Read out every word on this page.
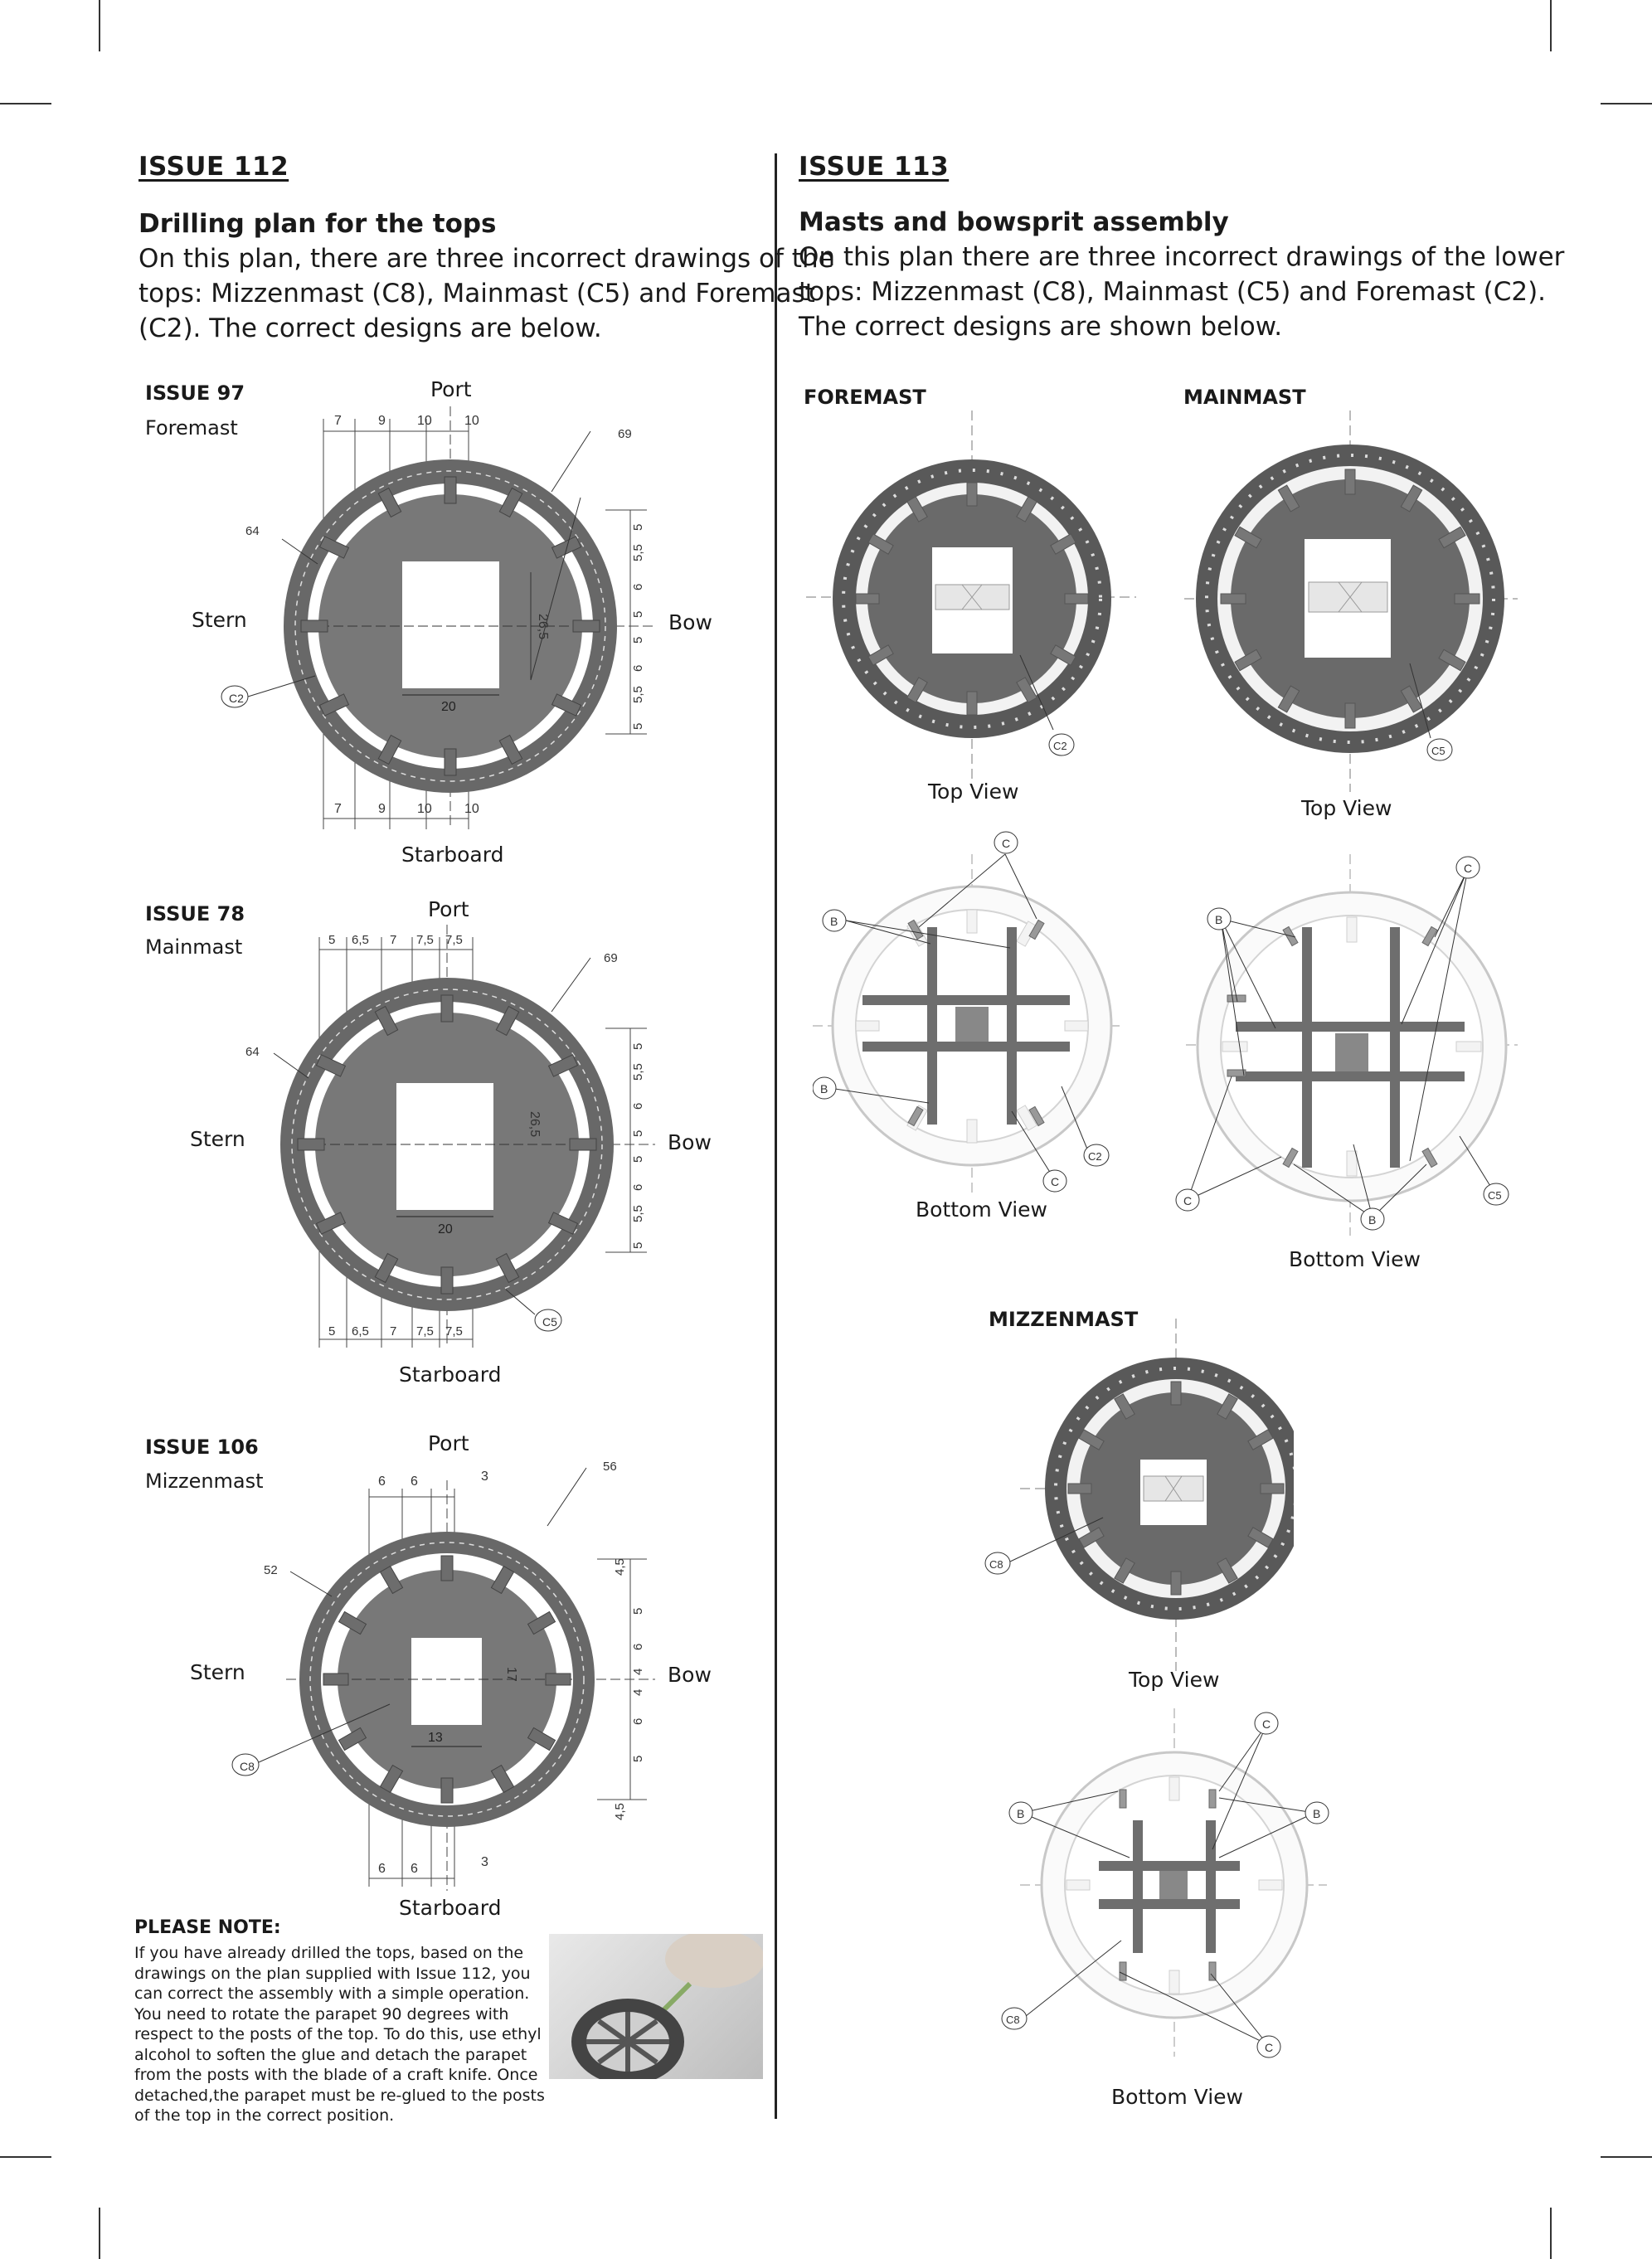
ISSUE 112
Drilling plan for the tops
On this plan, there are three incorrect drawings of the
tops: Mizzenmast (C8), Mainmast (C5) and Foremast
(C2). The correct designs are below.
ISSUE 97
Foremast
Port
Starboard
Stern	Bow
C2
64
69
7	9 10 10
7	9 10 10
5
5,5
6
5
5
6
5,5
5
26,5
20
ISSUE 78
Mainmast
Port
Starboard
Stern	Bow
C5
64
69
5 6,5 7 7,5 7,5
5 6,5 7 7,5 7,5
5
5,5
6
5
5
6
5,5
5
26,5
20
ISSUE 106
Mizzenmast
Port
Starboard
Stern	Bow
C8
52
56
6 6	3
6 6	3
4,5
5
6
4
4
6
5
4,5
17
13
PLEASE NOTE:
If you have already drilled the tops, based on the
drawings on the plan supplied with Issue 112, you
can correct the assembly with a simple operation.
You need to rotate the parapet 90 degrees with
respect to the posts of the top. To do this, use ethyl
alcohol to soften the glue and detach the parapet
from the posts with the blade of a craft knife. Once
detached,the parapet must be re-glued to the posts
of the top in the correct position.
ISSUE 113
Masts and bowsprit assembly
On this plan there are three incorrect drawings of the lower
tops: Mizzenmast (C8), Mainmast (C5) and Foremast (C2).
The correct designs are shown below.
FOREMAST	MAINMAST
MIZZENMAST
C2
Top View
C5
Top View
C
B
B
C
C2
Bottom View
C
B
C
B
C5
Bottom View
C8
Top View
C
B	B
C8
C
Bottom View
